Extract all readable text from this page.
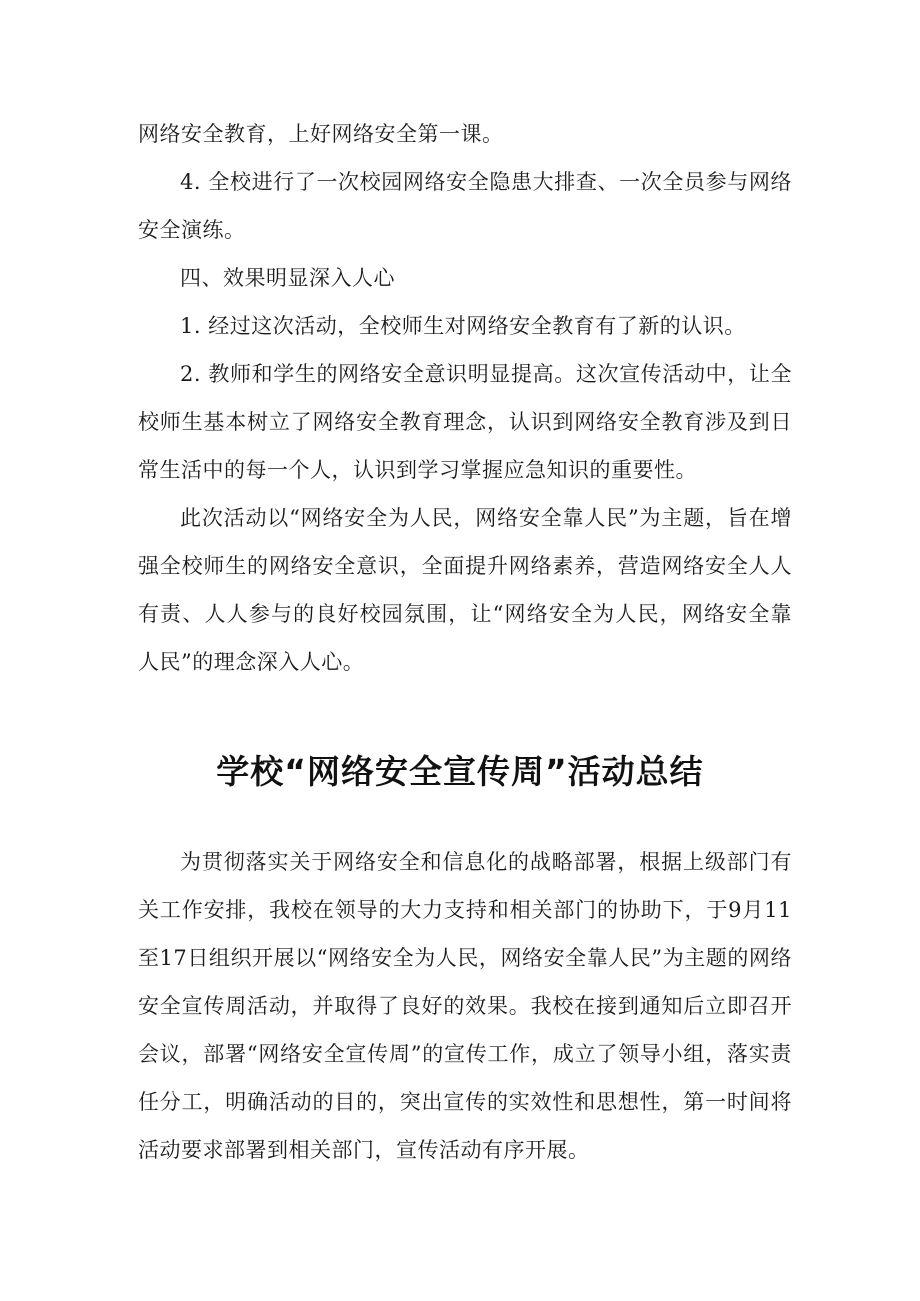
网络安全教育，上好网络安全第一课。

4. 全校进行了一次校园网络安全隐患大排查、一次全员参与网络安全演练。

四、效果明显深入人心

1. 经过这次活动，全校师生对网络安全教育有了新的认识。

2. 教师和学生的网络安全意识明显提高。这次宣传活动中，让全校师生基本树立了网络安全教育理念，认识到网络安全教育涉及到日常生活中的每一个人，认识到学习掌握应急知识的重要性。

此次活动以“网络安全为人民，网络安全靠人民”为主题，旨在增强全校师生的网络安全意识，全面提升网络素养，营造网络安全人人有责、人人参与的良好校园氛围，让“网络安全为人民，网络安全靠人民”的理念深入人心。

学校“网络安全宣传周”活动总结

为贯彻落实关于网络安全和信息化的战略部署，根据上级部门有关工作安排，我校在领导的大力支持和相关部门的协助下，于9月11至17日组织开展以“网络安全为人民，网络安全靠人民”为主题的网络安全宣传周活动，并取得了良好的效果。我校在接到通知后立即召开会议，部署“网络安全宣传周”的宣传工作，成立了领导小组，落实责任分工，明确活动的目的，突出宣传的实效性和思想性，第一时间将活动要求部署到相关部门，宣传活动有序开展。
